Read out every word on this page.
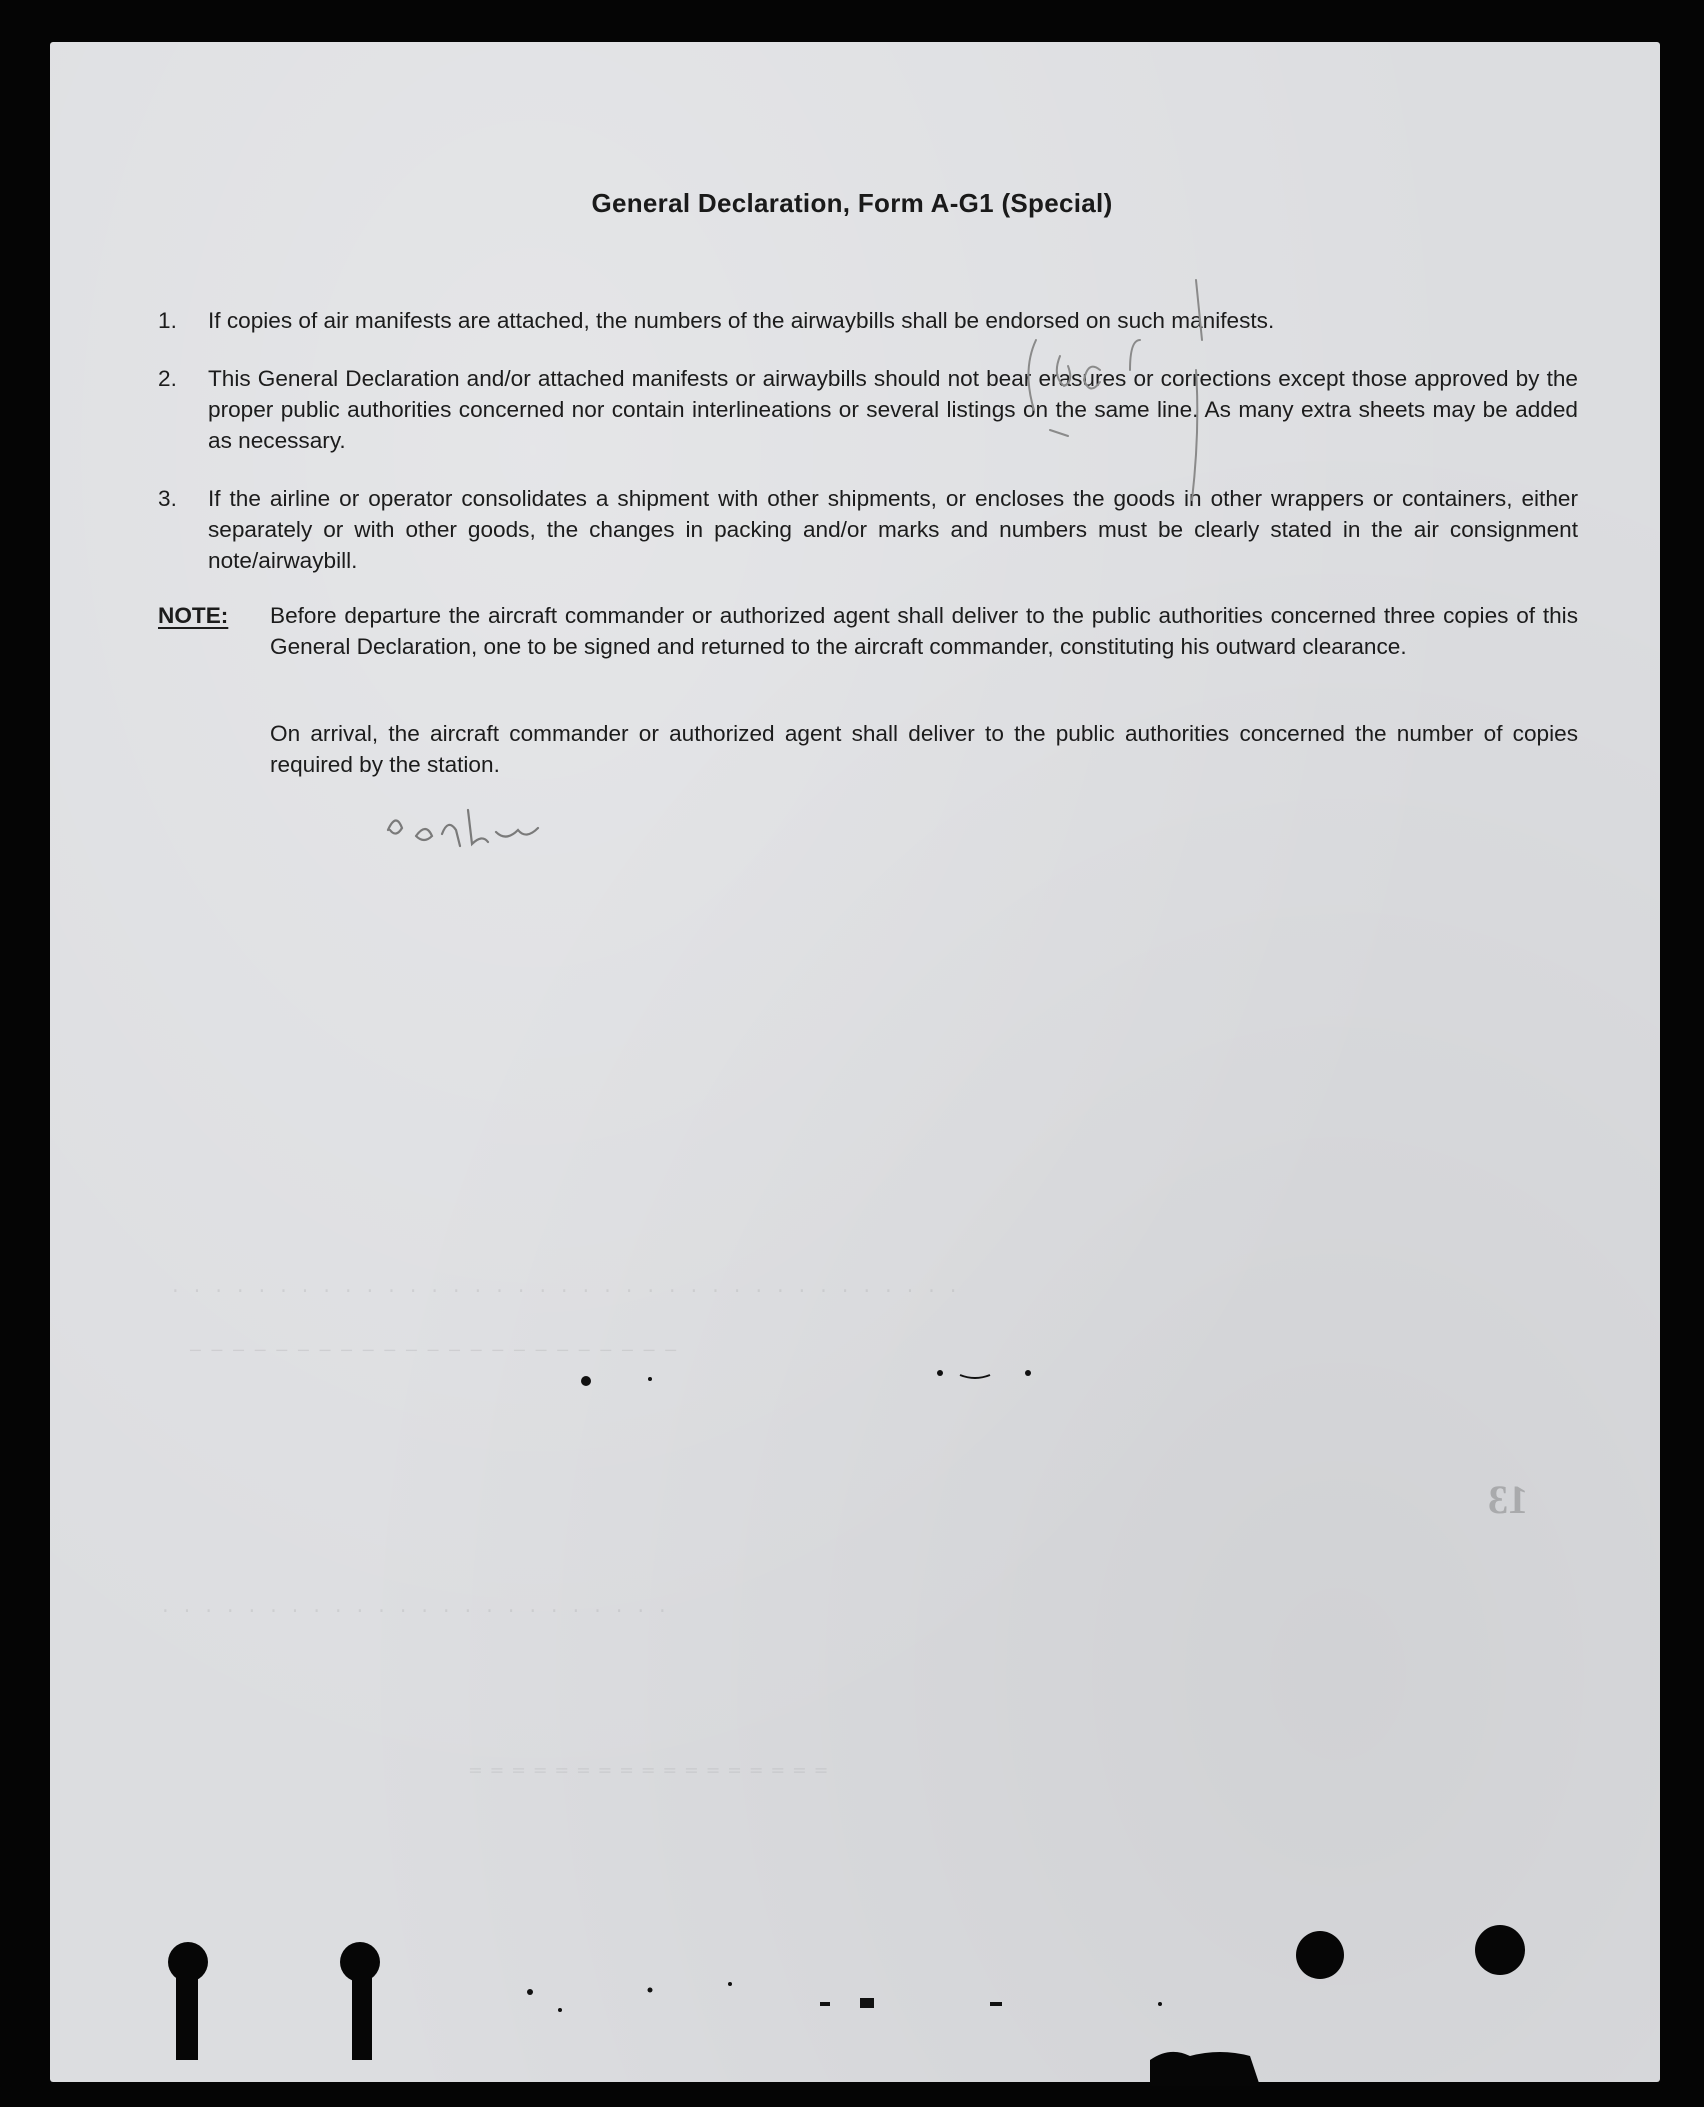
· · · · · · · · · · · · · · · · · · · · · · · · · · · · · · · · · · · · ·
─ ─ ─ ─ ─ ─ ─ ─ ─ ─ ─ ─ ─ ─ ─ ─ ─ ─ ─ ─ ─ ─ ─
· · · · · · · · · · · · · · · · · · · · · · · ·
═ ═ ═ ═ ═ ═ ═ ═ ═ ═ ═ ═ ═ ═ ═ ═ ═
General Declaration, Form A-G1 (Special)
1.	If copies of air manifests are attached, the numbers of the airwaybills shall be endorsed on such manifests.
2.	This General Declaration and/or attached manifests or airwaybills should not bear erasures or corrections except those approved by the proper public authorities concerned nor contain interlineations or several listings on the same line. As many extra sheets may be added as necessary.
3.	If the airline or operator consolidates a shipment with other shipments, or encloses the goods in other wrappers or containers, either separately or with other goods, the changes in packing and/or marks and numbers must be clearly stated in the air consignment note/airwaybill.
NOTE: Before departure the aircraft commander or authorized agent shall deliver to the public authorities concerned three copies of this General Declaration, one to be signed and returned to the aircraft commander, constituting his outward clearance.
On arrival, the aircraft commander or authorized agent shall deliver to the public authorities concerned the number of copies required by the station.
13
